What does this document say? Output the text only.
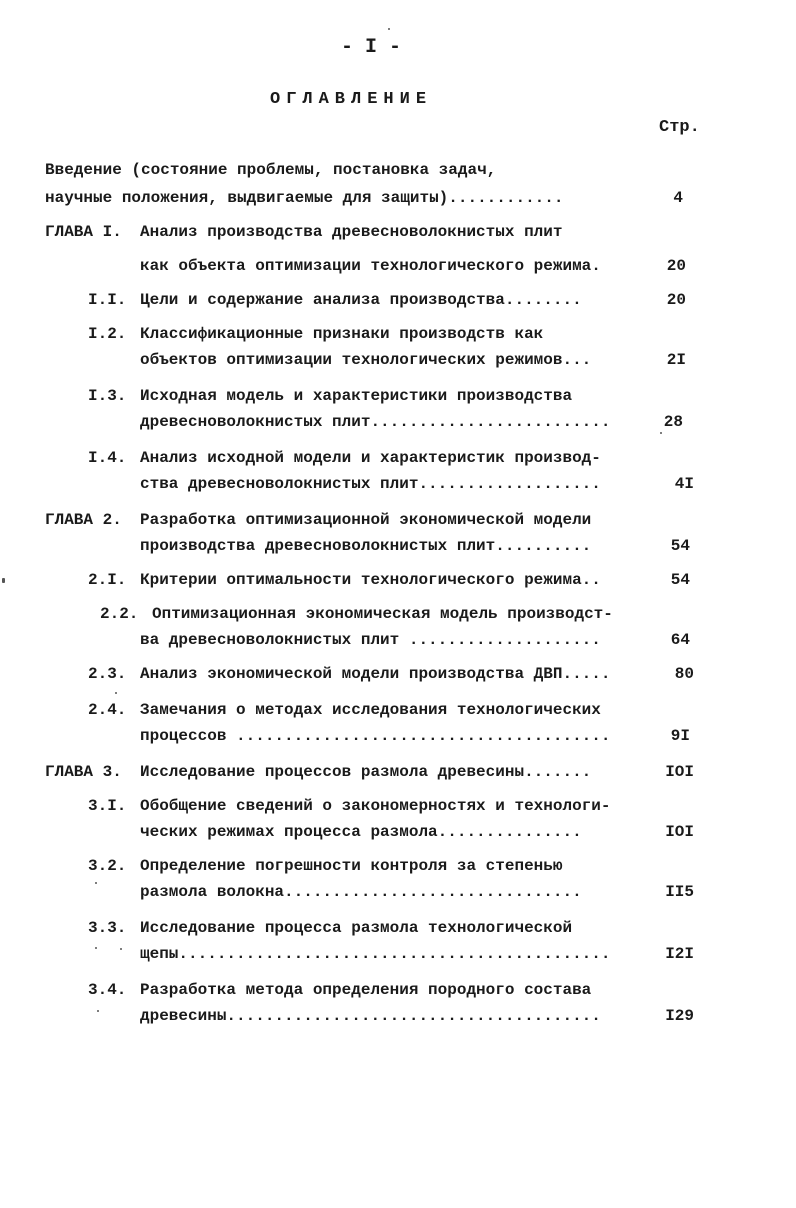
- I -
ОГЛАВЛЕНИЕ
Стр.
Введение (состояние проблемы, постановка задач,
научные положения, выдвигаемые для защиты)............	4
ГЛАВА I. Анализ производства древесноволокнистых плит
как объекта оптимизации технологического режима.	20
I.I. Цели и содержание анализа производства........	20
I.2. Классификационные признаки производств как
объектов оптимизации технологических режимов...	2I
I.3. Исходная модель и характеристики производства
древесноволокнистых плит.........................	28
I.4. Анализ исходной модели и характеристик производ-
ства древесноволокнистых плит...................	4I
ГЛАВА 2. Разработка оптимизационной экономической модели
производства древесноволокнистых плит..........	54
2.I. Критерии оптимальности технологического режима..	54
2.2. Оптимизационная экономическая модель производст-
ва древесноволокнистых плит ....................	64
2.3. Анализ экономической модели производства ДВП.....	80
2.4. Замечания о методах исследования технологических
процессов .......................................	9I
ГЛАВА 3. Исследование процессов размола древесины.......	IOI
3.I. Обобщение сведений о закономерностях и технологи-
ческих режимах процесса размола...............	IOI
3.2. Определение погрешности контроля за степенью
размола волокна...............................	II5
3.3. Исследование процесса размола технологической
щепы.............................................	I2I
3.4. Разработка метода определения породного состава
древесины.......................................	I29
